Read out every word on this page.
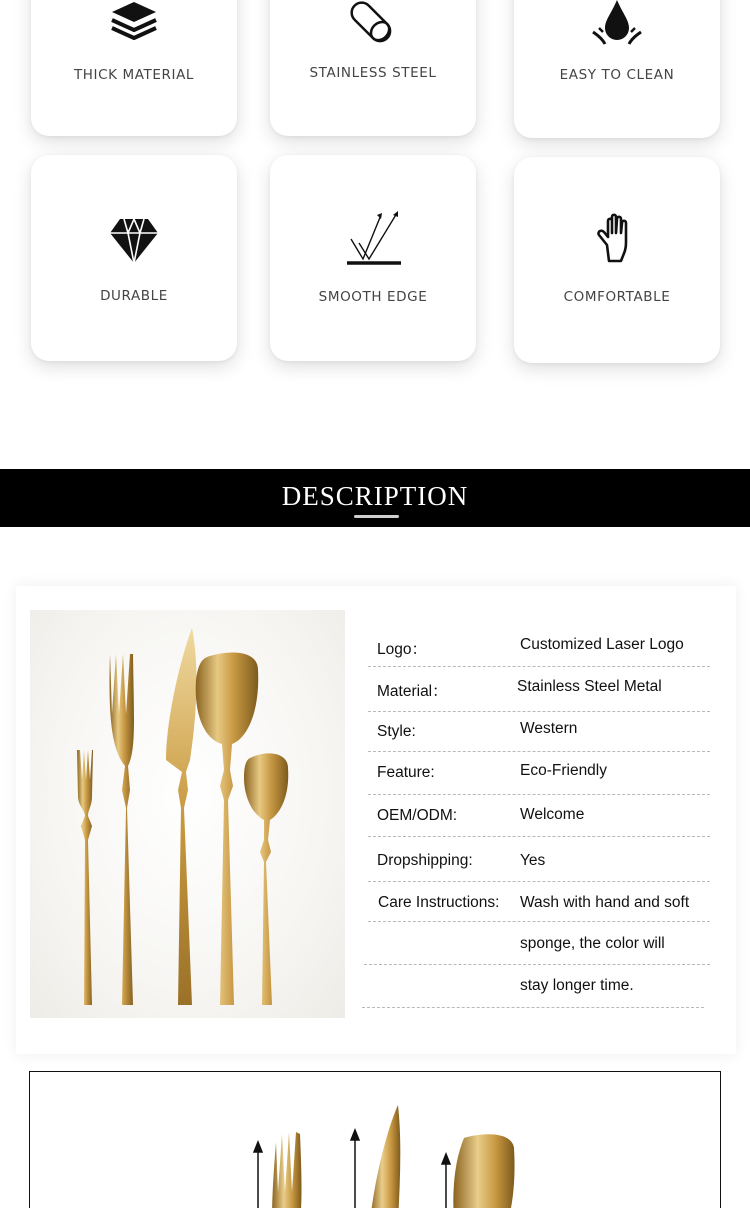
THICK MATERIAL	STAINLESS STEEL	EASY TO CLEAN
DURABLE	SMOOTH EDGE	COMFORTABLE
DESCRIPTION
Logo：	Customized Laser Logo
Material：	Stainless Steel Metal
Style:	Western
Feature:	Eco-Friendly
OEM/ODM:	Welcome
Dropshipping:	Yes
Care Instructions: Wash with hand and soft
sponge, the color will
stay longer time.
